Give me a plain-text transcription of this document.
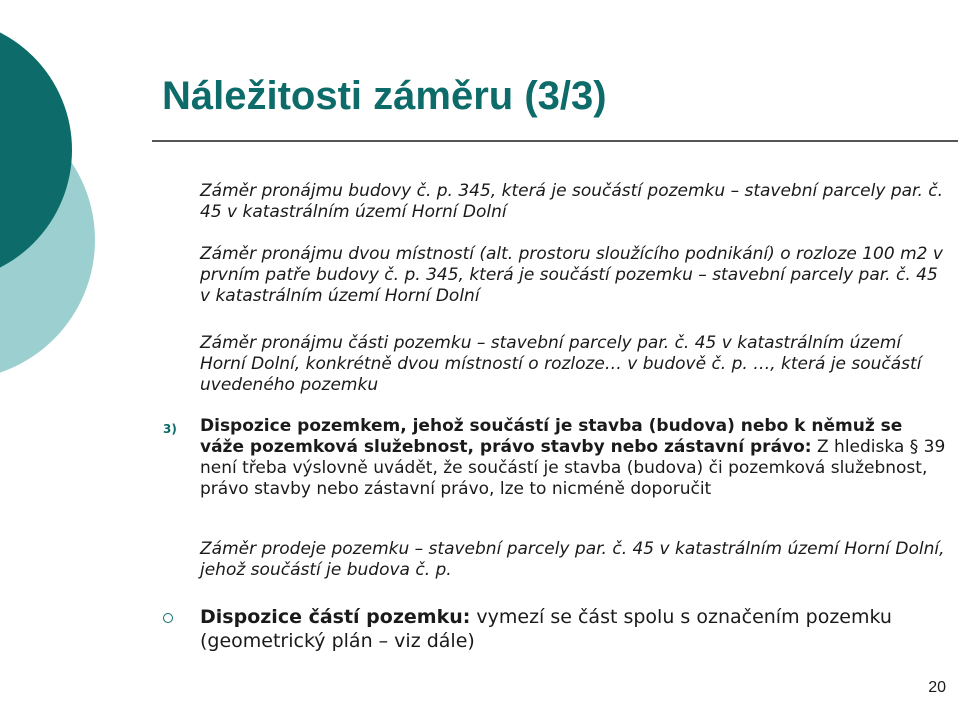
Náležitosti záměru (3/3)

Záměr pronájmu budovy č. p. 345, která je součástí pozemku – stavební parcely par. č. 45 v katastrálním území Horní Dolní

Záměr pronájmu dvou místností (alt. prostoru sloužícího podnikání) o rozloze 100 m2 v prvním patře budovy č. p. 345, která je součástí pozemku – stavební parcely par. č. 45 v katastrálním území Horní Dolní

Záměr pronájmu části pozemku – stavební parcely par. č. 45 v katastrálním území Horní Dolní, konkrétně dvou místností o rozloze… v budově č. p. …, která je součástí uvedeného pozemku

3) Dispozice pozemkem, jehož součástí je stavba (budova) nebo k němuž se váže pozemková služebnost, právo stavby nebo zástavní právo: Z hlediska § 39 není třeba výslovně uvádět, že součástí je stavba (budova) či pozemková služebnost, právo stavby nebo zástavní právo, lze to nicméně doporučit

Záměr prodeje pozemku – stavební parcely par. č. 45 v katastrálním území Horní Dolní, jehož součástí je budova č. p.

Dispozice částí pozemku: vymezí se část spolu s označením pozemku (geometrický plán – viz dále)

20
